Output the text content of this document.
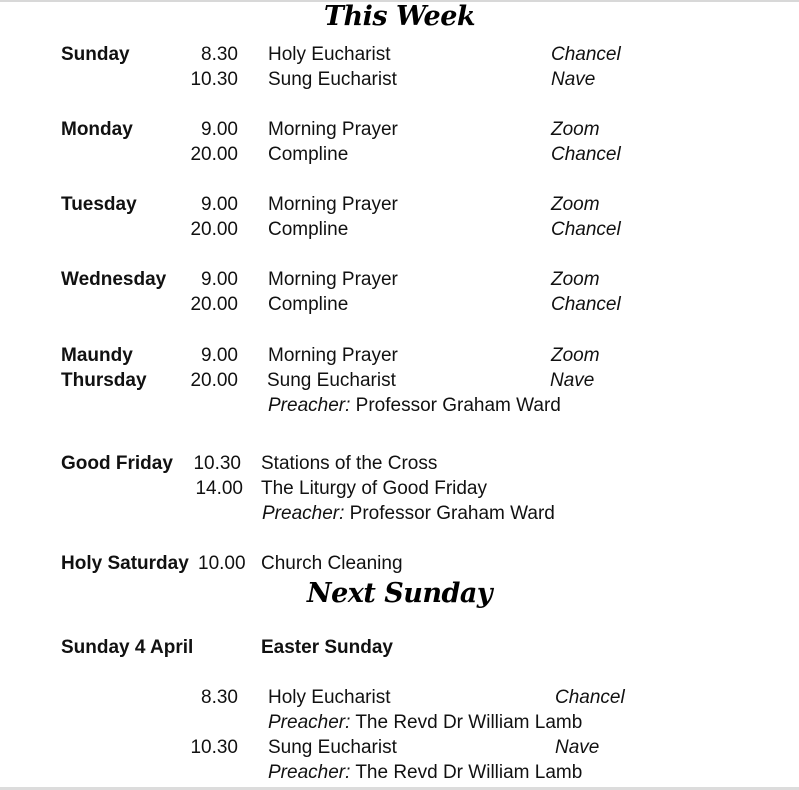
This Week
Sunday	8.30 Holy Eucharist	Chancel
10.30 Sung Eucharist	Nave
Monday	9.00 Morning Prayer	Zoom
20.00 Compline	Chancel
Tuesday	9.00 Morning Prayer	Zoom
20.00 Compline	Chancel
Wednesday	9.00 Morning Prayer	Zoom
20.00 Compline	Chancel
Maundy
Thursday
9.00 Morning Prayer	Zoom
20.00 Sung Eucharist	Nave
Preacher: Professor Graham Ward
Good Friday	10.30 Stations of the Cross
14.00 The Liturgy of Good Friday
Preacher: Professor Graham Ward
Holy Saturday 10.00 Church Cleaning
Next Sunday
Sunday 4 April	Easter Sunday
8.30 Holy Eucharist	Chancel
Preacher: The Revd Dr William Lamb
10.30 Sung Eucharist	Nave
Preacher: The Revd Dr William Lamb
